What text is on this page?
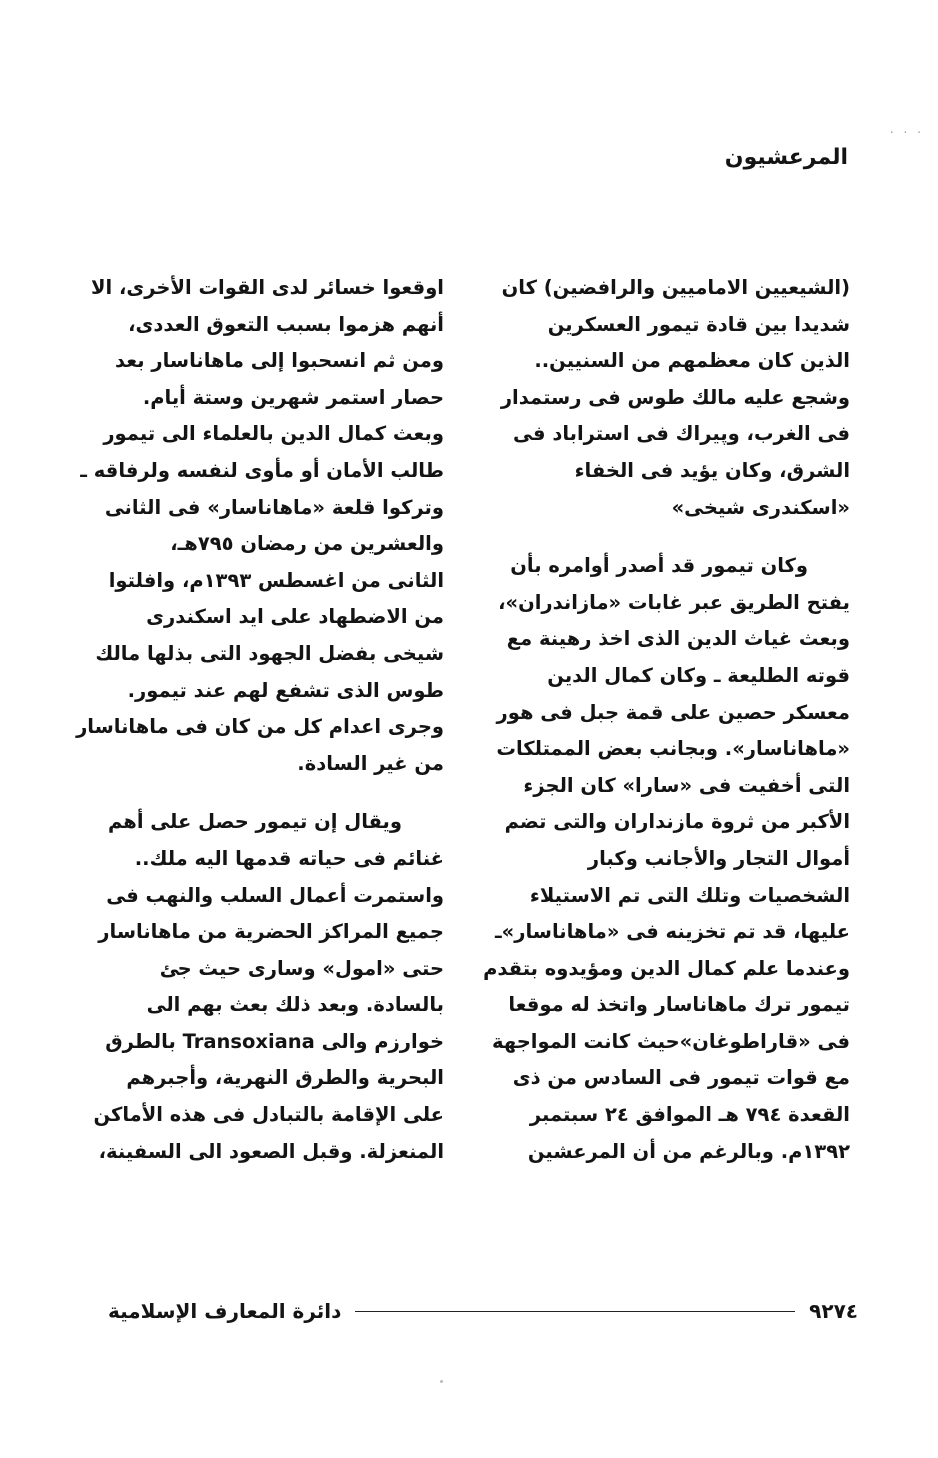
. . .
المرعشيون

(الشيعيين الاماميين والرافضين) كان
شديدا بين قادة تيمور العسكرين
الذين كان معظمهم من السنيين..
وشجع عليه مالك طوس فى رستمدار
فى الغرب، وپيراك فى استراباد فى
الشرق، وكان يؤيد فى الخفاء
«اسكندرى شيخى»

وكان تيمور قد أصدر أوامره بأن
يفتح الطريق عبر غابات «مازاندران»،
وبعث غياث الدين الذى اخذ رهينة مع
قوته الطليعة ـ وكان كمال الدين
معسكر حصين على قمة جبل فى هور
«ماهاناسار». وبجانب بعض الممتلكات
التى أخفيت فى «سارا» كان الجزء
الأكبر من ثروة مازنداران والتى تضم
أموال التجار والأجانب وكبار
الشخصيات وتلك التى تم الاستيلاء
عليها، قد تم تخزينه فى «ماهاناسار»ـ
وعندما علم كمال الدين ومؤيدوه بتقدم
تيمور ترك ماهاناسار واتخذ له موقعا
فى «قاراطوغان»حيث كانت المواجهة
مع قوات تيمور فى السادس من ذى
القعدة ٧٩٤ هـ الموافق ٢٤ سبتمبر
١٣٩٢م. وبالرغم من أن المرعشين

اوقعوا خسائر لدى القوات الأخرى، الا
أنهم هزموا بسبب التعوق العددى،
ومن ثم انسحبوا إلى ماهاناسار بعد
حصار استمر شهرين وستة أيام.
وبعث كمال الدين بالعلماء الى تيمور
طالب الأمان أو مأوى لنفسه ولرفاقه ـ
وتركوا قلعة «ماهاناسار» فى الثانى
والعشرين من رمضان ٧٩٥هـ،
الثانى من اغسطس ١٣٩٣م، وافلتوا
من الاضطهاد على ايد اسكندرى
شيخى بفضل الجهود التى بذلها مالك
طوس الذى تشفع لهم عند تيمور.
وجرى اعدام كل من كان فى ماهاناسار
من غير السادة.

ويقال إن تيمور حصل على أهم
غنائم فى حياته قدمها اليه ملك..
واستمرت أعمال السلب والنهب فى
جميع المراكز الحضرية من ماهاناسار
حتى «امول» وسارى حيث جئ
بالسادة. وبعد ذلك بعث بهم الى
خوارزم والى Transoxiana بالطرق
البحرية والطرق النهرية، وأجبرهم
على الإقامة بالتبادل فى هذه الأماكن
المنعزلة. وقبل الصعود الى السفينة،

٩٢٧٤
دائرة المعارف الإسلامية
